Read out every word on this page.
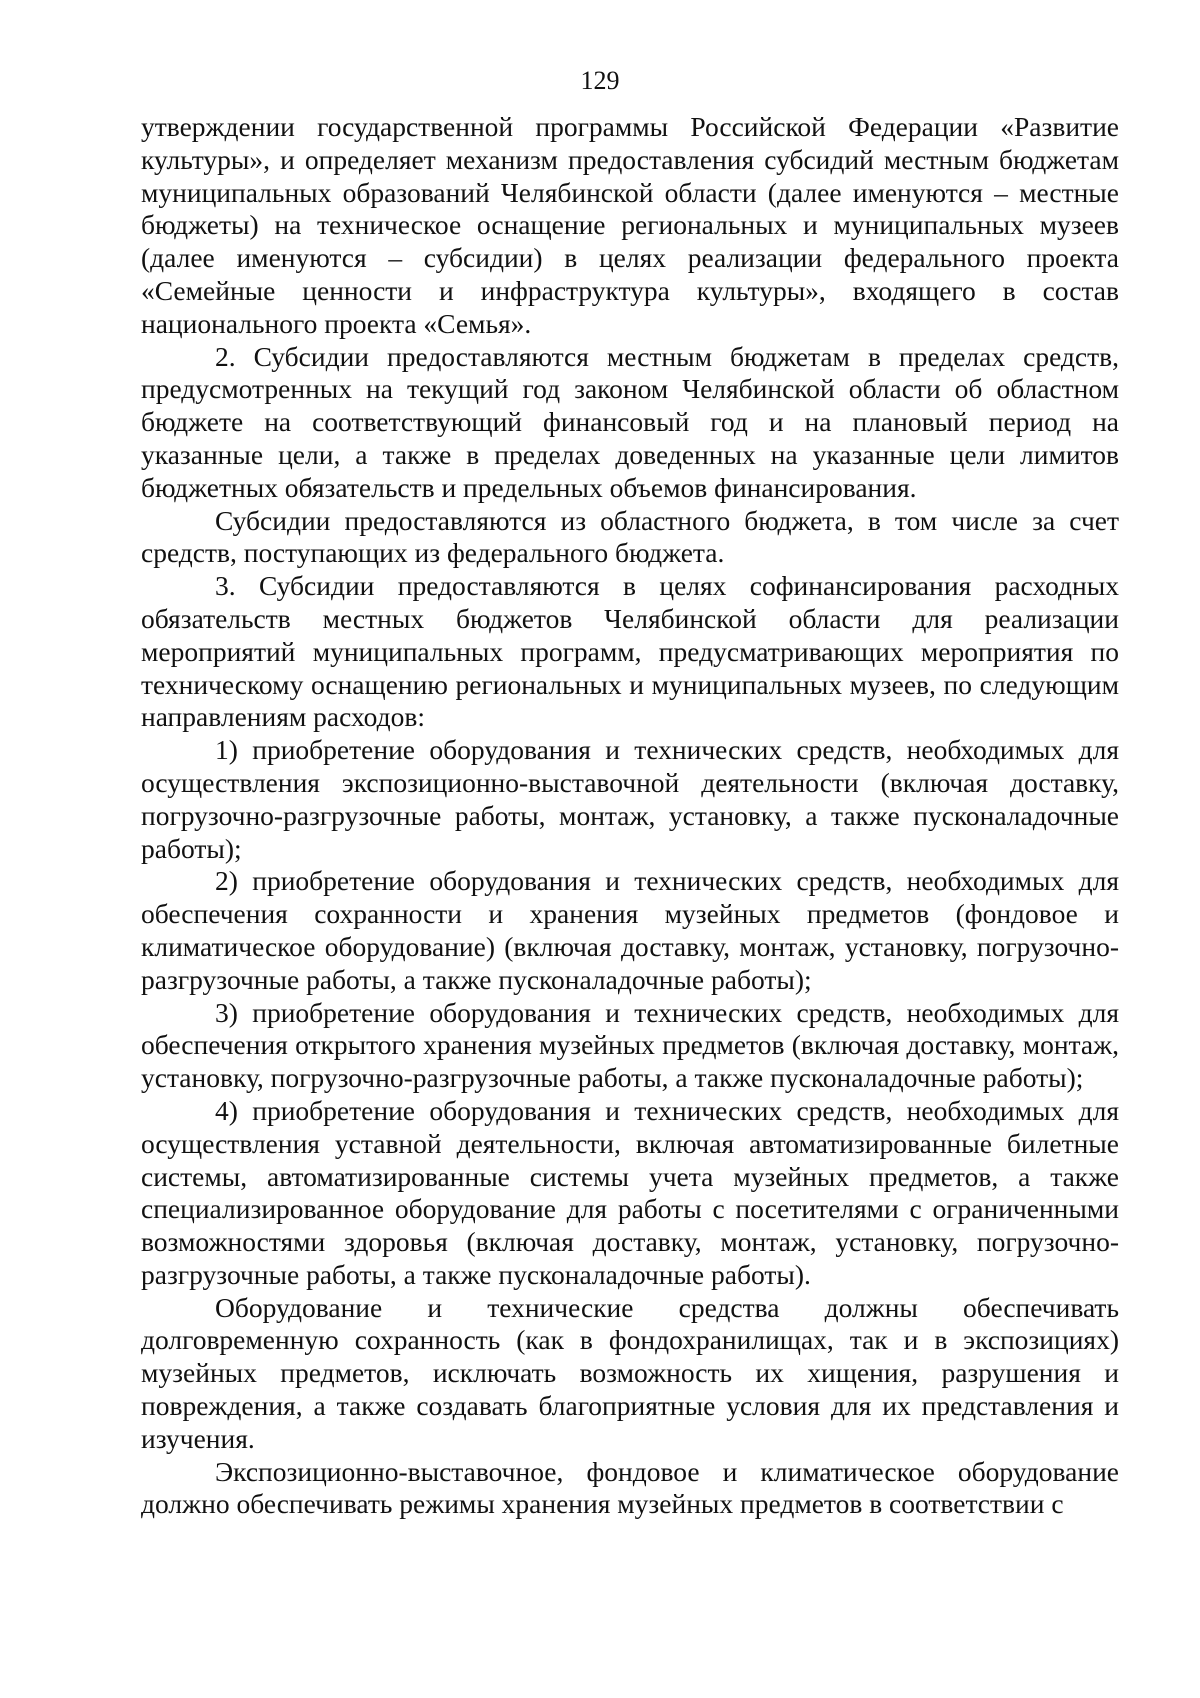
129

утверждении государственной программы Российской Федерации «Развитие культуры», и определяет механизм предоставления субсидий местным бюджетам муниципальных образований Челябинской области (далее именуются – местные бюджеты) на техническое оснащение региональных и муниципальных музеев (далее именуются – субсидии) в целях реализации федерального проекта «Семейные ценности и инфраструктура культуры», входящего в состав национального проекта «Семья».

2. Субсидии предоставляются местным бюджетам в пределах средств, предусмотренных на текущий год законом Челябинской области об областном бюджете на соответствующий финансовый год и на плановый период на указанные цели, а также в пределах доведенных на указанные цели лимитов бюджетных обязательств и предельных объемов финансирования.

Субсидии предоставляются из областного бюджета, в том числе за счет средств, поступающих из федерального бюджета.

3. Субсидии предоставляются в целях софинансирования расходных обязательств местных бюджетов Челябинской области для реализации мероприятий муниципальных программ, предусматривающих мероприятия по техническому оснащению региональных и муниципальных музеев, по следующим направлениям расходов:

1) приобретение оборудования и технических средств, необходимых для осуществления экспозиционно-выставочной деятельности (включая доставку, погрузочно-разгрузочные работы, монтаж, установку, а также пусконаладочные работы);

2) приобретение оборудования и технических средств, необходимых для обеспечения сохранности и хранения музейных предметов (фондовое и климатическое оборудование) (включая доставку, монтаж, установку, погрузочно-разгрузочные работы, а также пусконаладочные работы);

3) приобретение оборудования и технических средств, необходимых для обеспечения открытого хранения музейных предметов (включая доставку, монтаж, установку, погрузочно-разгрузочные работы, а также пусконаладочные работы);

4) приобретение оборудования и технических средств, необходимых для осуществления уставной деятельности, включая автоматизированные билетные системы, автоматизированные системы учета музейных предметов, а также специализированное оборудование для работы с посетителями с ограниченными возможностями здоровья (включая доставку, монтаж, установку, погрузочно-разгрузочные работы, а также пусконаладочные работы).

Оборудование и технические средства должны обеспечивать долговременную сохранность (как в фондохранилищах, так и в экспозициях) музейных предметов, исключать возможность их хищения, разрушения и повреждения, а также создавать благоприятные условия для их представления и изучения.

Экспозиционно-выставочное, фондовое и климатическое оборудование должно обеспечивать режимы хранения музейных предметов в соответствии с
